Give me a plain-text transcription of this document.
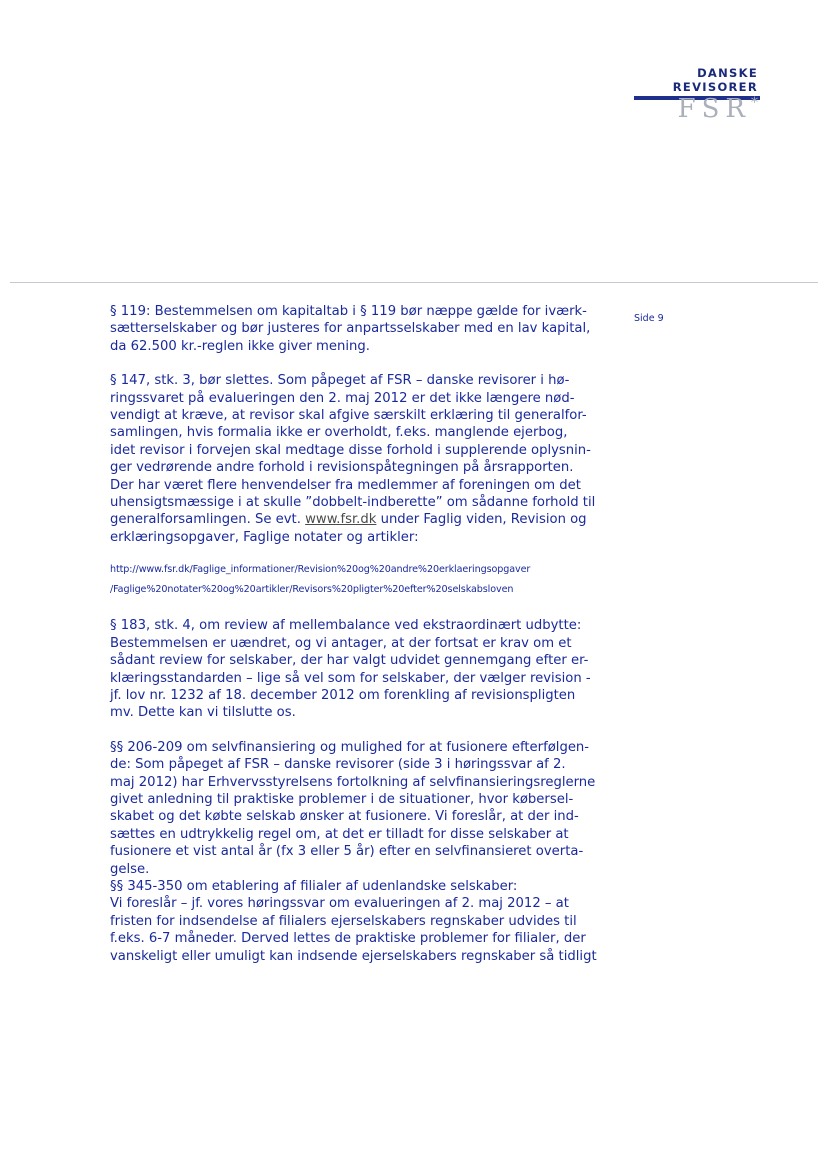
DANSKE
REVISORER
FSR*
Side 9

§ 119: Bestemmelsen om kapitaltab i § 119 bør næppe gælde for iværk-
sætterselskaber og bør justeres for anpartsselskaber med en lav kapital,
da 62.500 kr.-reglen ikke giver mening.

§ 147, stk. 3, bør slettes. Som påpeget af FSR – danske revisorer i hø-
ringssvaret på evalueringen den 2. maj 2012 er det ikke længere nød-
vendigt at kræve, at revisor skal afgive særskilt erklæring til generalfor-
samlingen, hvis formalia ikke er overholdt, f.eks. manglende ejerbog,
idet revisor i forvejen skal medtage disse forhold i supplerende oplysnin-
ger vedrørende andre forhold i revisionspåtegningen på årsrapporten.
Der har været flere henvendelser fra medlemmer af foreningen om det
uhensigtsmæssige i at skulle ”dobbelt-indberette” om sådanne forhold til
generalforsamlingen. Se evt. www.fsr.dk under Faglig viden, Revision og
erklæringsopgaver, Faglige notater og artikler:

http://www.fsr.dk/Faglige_informationer/Revision%20og%20andre%20erklaeringsopgaver
/Faglige%20notater%20og%20artikler/Revisors%20pligter%20efter%20selskabsloven

§ 183, stk. 4, om review af mellembalance ved ekstraordinært udbytte:
Bestemmelsen er uændret, og vi antager, at der fortsat er krav om et
sådant review for selskaber, der har valgt udvidet gennemgang efter er-
klæringsstandarden – lige så vel som for selskaber, der vælger revision -
jf. lov nr. 1232 af 18. december 2012 om forenkling af revisionspligten
mv. Dette kan vi tilslutte os.

§§ 206-209 om selvfinansiering og mulighed for at fusionere efterfølgen-
de: Som påpeget af FSR – danske revisorer (side 3 i høringssvar af 2.
maj 2012) har Erhvervsstyrelsens fortolkning af selvfinansieringsreglerne
givet anledning til praktiske problemer i de situationer, hvor købersel-
skabet og det købte selskab ønsker at fusionere. Vi foreslår, at der ind-
sættes en udtrykkelig regel om, at det er tilladt for disse selskaber at
fusionere et vist antal år (fx 3 eller 5 år) efter en selvfinansieret overta-
gelse.

§§ 345-350 om etablering af filialer af udenlandske selskaber:
Vi foreslår – jf. vores høringssvar om evalueringen af 2. maj 2012 – at
fristen for indsendelse af filialers ejerselskabers regnskaber udvides til
f.eks. 6-7 måneder. Derved lettes de praktiske problemer for filialer, der
vanskeligt eller umuligt kan indsende ejerselskabers regnskaber så tidligt
